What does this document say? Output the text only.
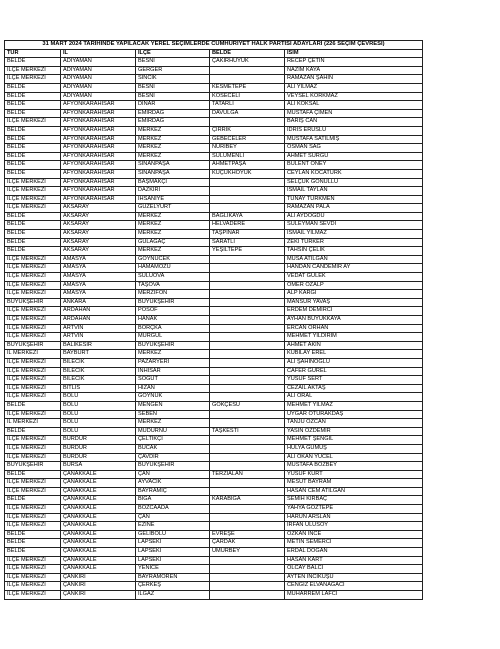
31 MART 2024 TARİHİNDE YAPILACAK YEREL SEÇİMLERDE CUMHURİYET HALK PARTİSİ ADAYLARI (226 SEÇİM ÇEVRESİ)				
TÜR	İL	İLÇE	BELDE	İSİM
BELDE	ADIYAMAN	BESNİ	ÇAKIRHÜYÜK	RECEP ÇETİN
İLÇE MERKEZİ	ADIYAMAN	GERGER		NAZIM KAYA
İLÇE MERKEZİ	ADIYAMAN	SİNCİK		RAMAZAN ŞAHİN
BELDE	ADIYAMAN	BESNİ	KESMETEPE	ALİ YILMAZ
BELDE	ADIYAMAN	BESNİ	KÖSECELİ	VEYSEL KORKMAZ
BELDE	AFYONKARAHİSAR	DİNAR	TATARLI	ALİ KÖKSAL
BELDE	AFYONKARAHİSAR	EMİRDAĞ	DAVULGA	MUSTAFA ÇİMEN
İLÇE MERKEZİ	AFYONKARAHİSAR	EMİRDAĞ		BARIŞ CAN
BELDE	AFYONKARAHİSAR	MERKEZ	ÇIRRIK	İDRİS ERUSLU
BELDE	AFYONKARAHİSAR	MERKEZ	GEBECELER	MUSTAFA SATILMIŞ
BELDE	AFYONKARAHİSAR	MERKEZ	NURİBEY	OSMAN SAĞ
BELDE	AFYONKARAHİSAR	MERKEZ	SÜLÜMENLİ	AHMET SÜRGÜ
BELDE	AFYONKARAHİSAR	SİNANPAŞA	AHMETPAŞA	BÜLENT ÖNEY
BELDE	AFYONKARAHİSAR	SİNANPAŞA	KÜÇÜKHÖYÜK	CEYLAN KOCATÜRK
İLÇE MERKEZİ	AFYONKARAHİSAR	BAŞMAKÇI		SELÇUK GÖNÜLLÜ
İLÇE MERKEZİ	AFYONKARAHİSAR	DAZKIRI		İSMAİL TAYLAN
İLÇE MERKEZİ	AFYONKARAHİSAR	İHSANİYE		TUNAY TÜRKMEN
İLÇE MERKEZİ	AKSARAY	GÜZELYURT		RAMAZAN PALA
BELDE	AKSARAY	MERKEZ	BAĞLIKAYA	ALİ AYDOĞDU
BELDE	AKSARAY	MERKEZ	HELVADERE	SÜLEYMAN SEVDİ
BELDE	AKSARAY	MERKEZ	TAŞPINAR	İSMAİL YILMAZ
BELDE	AKSARAY	GÜLAĞAÇ	SARATLI	ZEKİ TÜRKER
BELDE	AKSARAY	MERKEZ	YEŞİLTEPE	TAHSİN ÇELİK
İLÇE MERKEZİ	AMASYA	GÖYNÜCEK		MUSA ATILGAN
İLÇE MERKEZİ	AMASYA	HAMAMÖZÜ		HANDAN CANDEMİR AY
İLÇE MERKEZİ	AMASYA	SULUOVA		VEDAT GÜLEK
İLÇE MERKEZİ	AMASYA	TAŞOVA		ÖMER ÖZALP
İLÇE MERKEZİ	AMASYA	MERZİFON		ALP KARGI
BÜYÜKŞEHİR	ANKARA	BÜYÜKŞEHİR		MANSUR YAVAŞ
İLÇE MERKEZİ	ARDAHAN	POSOF		ERDEM DEMİRCİ
İLÇE MERKEZİ	ARDAHAN	HANAK		AYHAN BÜYÜKKAYA
İLÇE MERKEZİ	ARTVİN	BORÇKA		ERCAN ORHAN
İLÇE MERKEZİ	ARTVİN	MURGUL		MEHMET YILDIRIM
BÜYÜKŞEHİR	BALIKESİR	BÜYÜKŞEHİR		AHMET AKIN
İL MERKEZİ	BAYBURT	MERKEZ		KUBİLAY EREL
İLÇE MERKEZİ	BİLECİK	PAZARYERİ		ALİ ŞAHİNOĞLU
İLÇE MERKEZİ	BİLECİK	İNHİSAR		CAFER GÜREL
İLÇE MERKEZİ	BİLECİK	SÖĞÜT		YUSUF SERT
İLÇE MERKEZİ	BİTLİS	HİZAN		CEZAİL AKTAŞ
İLÇE MERKEZİ	BOLU	GÖYNÜK		ALİ ORAL
BELDE	BOLU	MENGEN	GÖKÇESU	MEHMET YILMAZ
İLÇE MERKEZİ	BOLU	SEBEN		UYGAR OTURAKDAŞ
İL MERKEZİ	BOLU	MERKEZ		TANJU ÖZCAN
BELDE	BOLU	MUDURNU	TAŞKESTİ	YASİN ÖZDEMİR
İLÇE MERKEZİ	BURDUR	ÇELTİKÇİ		MEHMET ŞENGİL
İLÇE MERKEZİ	BURDUR	BUCAK		HÜLYA GÜMÜŞ
İLÇE MERKEZİ	BURDUR	ÇAVDIR		ALİ OKAN YÜCEL
BÜYÜKŞEHİR	BURSA	BÜYÜKŞEHİR		MUSTAFA BOZBEY
BELDE	ÇANAKKALE	ÇAN	TERZİALAN	YUSUF KURT
İLÇE MERKEZİ	ÇANAKKALE	AYVACIK		MESUT BAYRAM
İLÇE MERKEZİ	ÇANAKKALE	BAYRAMİÇ		HASAN CEM ATILGAN
BELDE	ÇANAKKALE	BİGA	KARABİGA	SEMİH KIRBAÇ
İLÇE MERKEZİ	ÇANAKKALE	BOZCAADA		YAHYA GÖZTEPE
İLÇE MERKEZİ	ÇANAKKALE	ÇAN		HARUN ARSLAN
İLÇE MERKEZİ	ÇANAKKALE	EZİNE		İRFAN ULUSOY
BELDE	ÇANAKKALE	GELİBOLU	EVREŞE	ÖZKAN İNCE
BELDE	ÇANAKKALE	LAPSEKİ	ÇARDAK	METİN SEMERCİ
BELDE	ÇANAKKALE	LAPSEKİ	UMURBEY	ERDAL DOĞAN
İLÇE MERKEZİ	ÇANAKKALE	LAPSEKİ		HASAN KART
İLÇE MERKEZİ	ÇANAKKALE	YENİCE		OLCAY BALCI
İLÇE MERKEZİ	ÇANKIRI	BAYRAMÖREN		AYTEN İNCİKUŞU
İLÇE MERKEZİ	ÇANKIRI	ÇERKEŞ		CENGİZ ELVANAĞACI
İLÇE MERKEZİ	ÇANKIRI	ILGAZ		MUHARREM LAFCI
